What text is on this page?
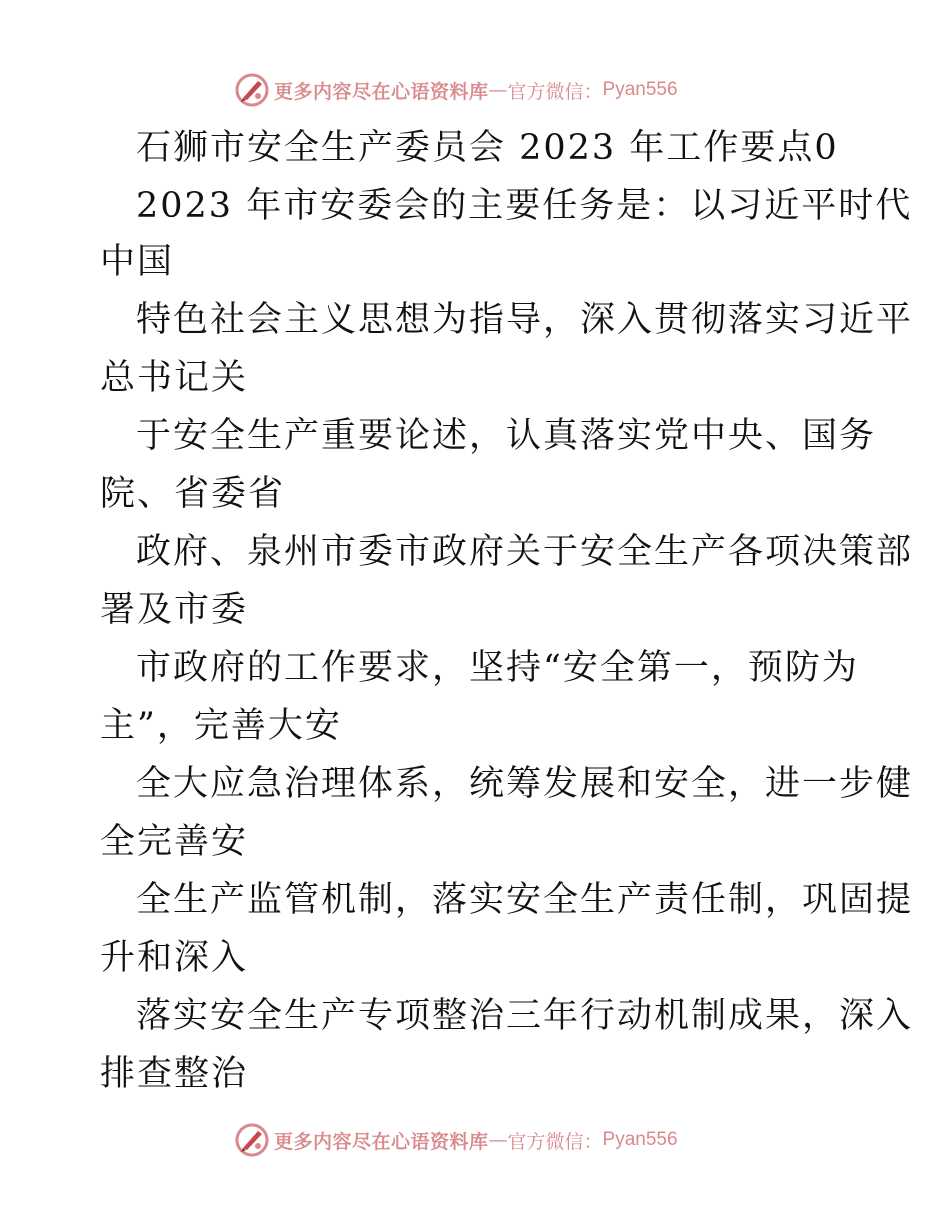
更多内容尽在心语资料库 — 官方微信： Pyan556
石狮市安全生产委员会 2023 年工作要点0
2023 年市安委会的主要任务是：以习近平时代
中国
特色社会主义思想为指导，深入贯彻落实习近平
总书记关
于安全生产重要论述，认真落实党中央、国务
院、省委省
政府、泉州市委市政府关于安全生产各项决策部
署及市委
市政府的工作要求，坚持“安全第一，预防为
主”，完善大安
全大应急治理体系，统筹发展和安全，进一步健
全完善安
全生产监管机制，落实安全生产责任制，巩固提
升和深入
落实安全生产专项整治三年行动机制成果，深入
排查整治
更多内容尽在心语资料库 — 官方微信： Pyan556
